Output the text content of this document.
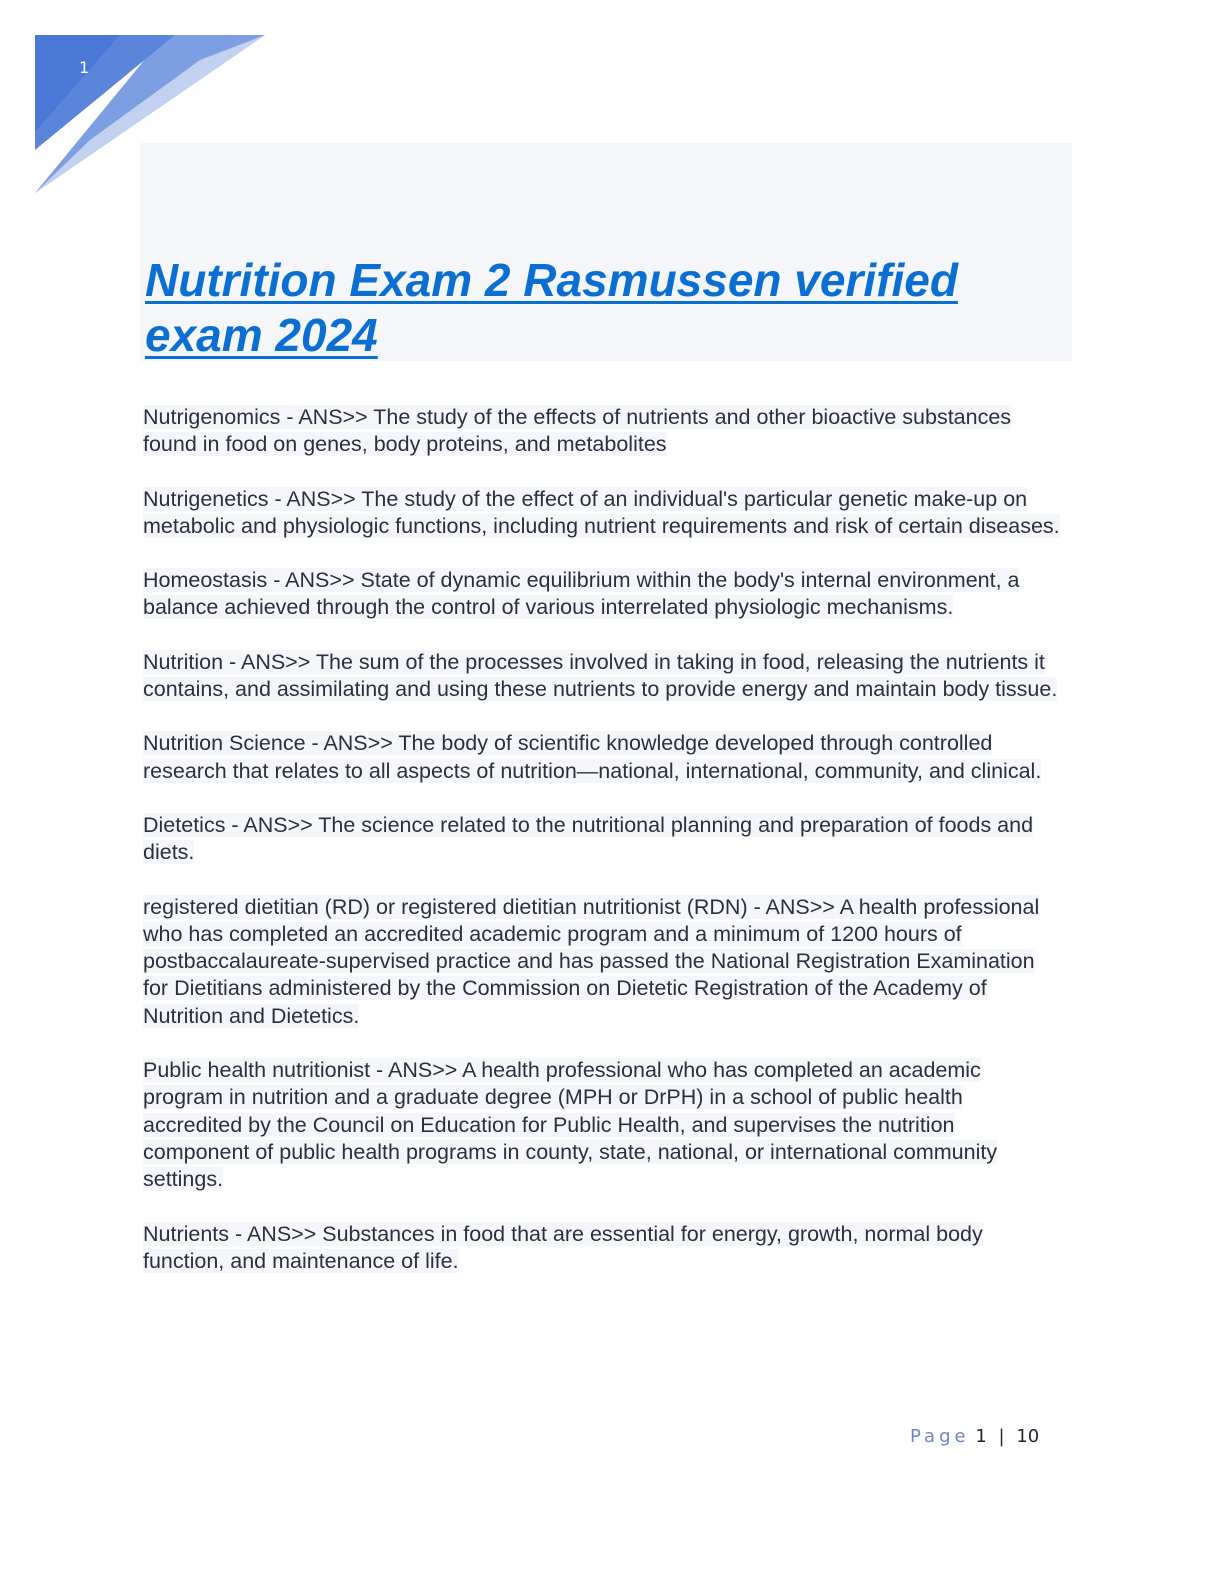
1
Nutrition Exam 2 Rasmussen verified exam 2024

Nutrigenomics - ANS>> The study of the effects of nutrients and other bioactive substances found in food on genes, body proteins, and metabolites

Nutrigenetics - ANS>> The study of the effect of an individual's particular genetic make-up on metabolic and physiologic functions, including nutrient requirements and risk of certain diseases.

Homeostasis - ANS>> State of dynamic equilibrium within the body's internal environment, a balance achieved through the control of various interrelated physiologic mechanisms.

Nutrition - ANS>> The sum of the processes involved in taking in food, releasing the nutrients it contains, and assimilating and using these nutrients to provide energy and maintain body tissue.

Nutrition Science - ANS>> The body of scientific knowledge developed through controlled research that relates to all aspects of nutrition—national, international, community, and clinical.

Dietetics - ANS>> The science related to the nutritional planning and preparation of foods and diets.

registered dietitian (RD) or registered dietitian nutritionist (RDN) - ANS>> A health professional who has completed an accredited academic program and a minimum of 1200 hours of postbaccalaureate-supervised practice and has passed the National Registration Examination for Dietitians administered by the Commission on Dietetic Registration of the Academy of Nutrition and Dietetics.

Public health nutritionist - ANS>> A health professional who has completed an academic program in nutrition and a graduate degree (MPH or DrPH) in a school of public health accredited by the Council on Education for Public Health, and supervises the nutrition component of public health programs in county, state, national, or international community settings.

Nutrients - ANS>> Substances in food that are essential for energy, growth, normal body function, and maintenance of life.

Page 1 | 10
